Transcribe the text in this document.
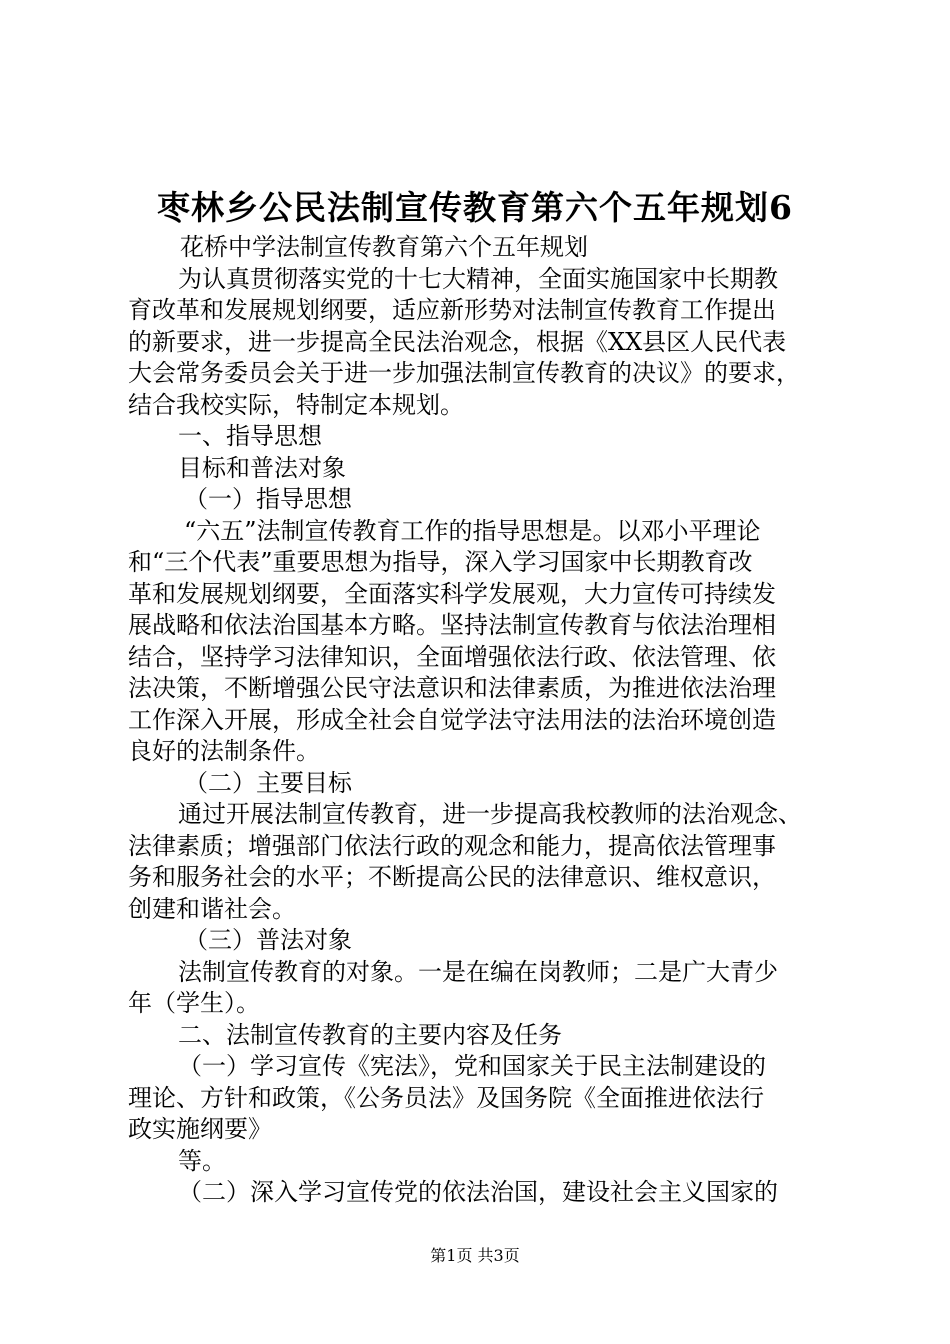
枣林乡公民法制宣传教育第六个五年规划6

花桥中学法制宣传教育第六个五年规划

为认真贯彻落实党的十七大精神，全面实施国家中长期教

育改革和发展规划纲要，适应新形势对法制宣传教育工作提出

的新要求，进一步提高全民法治观念，根据《XX县区人民代表

大会常务委员会关于进一步加强法制宣传教育的决议》的要求，

结合我校实际，特制定本规划。

一、指导思想

目标和普法对象

（一）指导思想

“六五”法制宣传教育工作的指导思想是。以邓小平理论

和“三个代表”重要思想为指导，深入学习国家中长期教育改

革和发展规划纲要，全面落实科学发展观，大力宣传可持续发

展战略和依法治国基本方略。坚持法制宣传教育与依法治理相

结合，坚持学习法律知识，全面增强依法行政、依法管理、依

法决策，不断增强公民守法意识和法律素质，为推进依法治理

工作深入开展，形成全社会自觉学法守法用法的法治环境创造

良好的法制条件。

（二）主要目标

通过开展法制宣传教育，进一步提高我校教师的法治观念、

法律素质；增强部门依法行政的观念和能力，提高依法管理事

务和服务社会的水平；不断提高公民的法律意识、维权意识，

创建和谐社会。

（三）普法对象

法制宣传教育的对象。一是在编在岗教师；二是广大青少

年（学生）。

二、法制宣传教育的主要内容及任务

（一）学习宣传《宪法》，党和国家关于民主法制建设的

理论、方针和政策，《公务员法》及国务院《全面推进依法行

政实施纲要》

等。

（二）深入学习宣传党的依法治国，建设社会主义国家的

第1页 共3页
